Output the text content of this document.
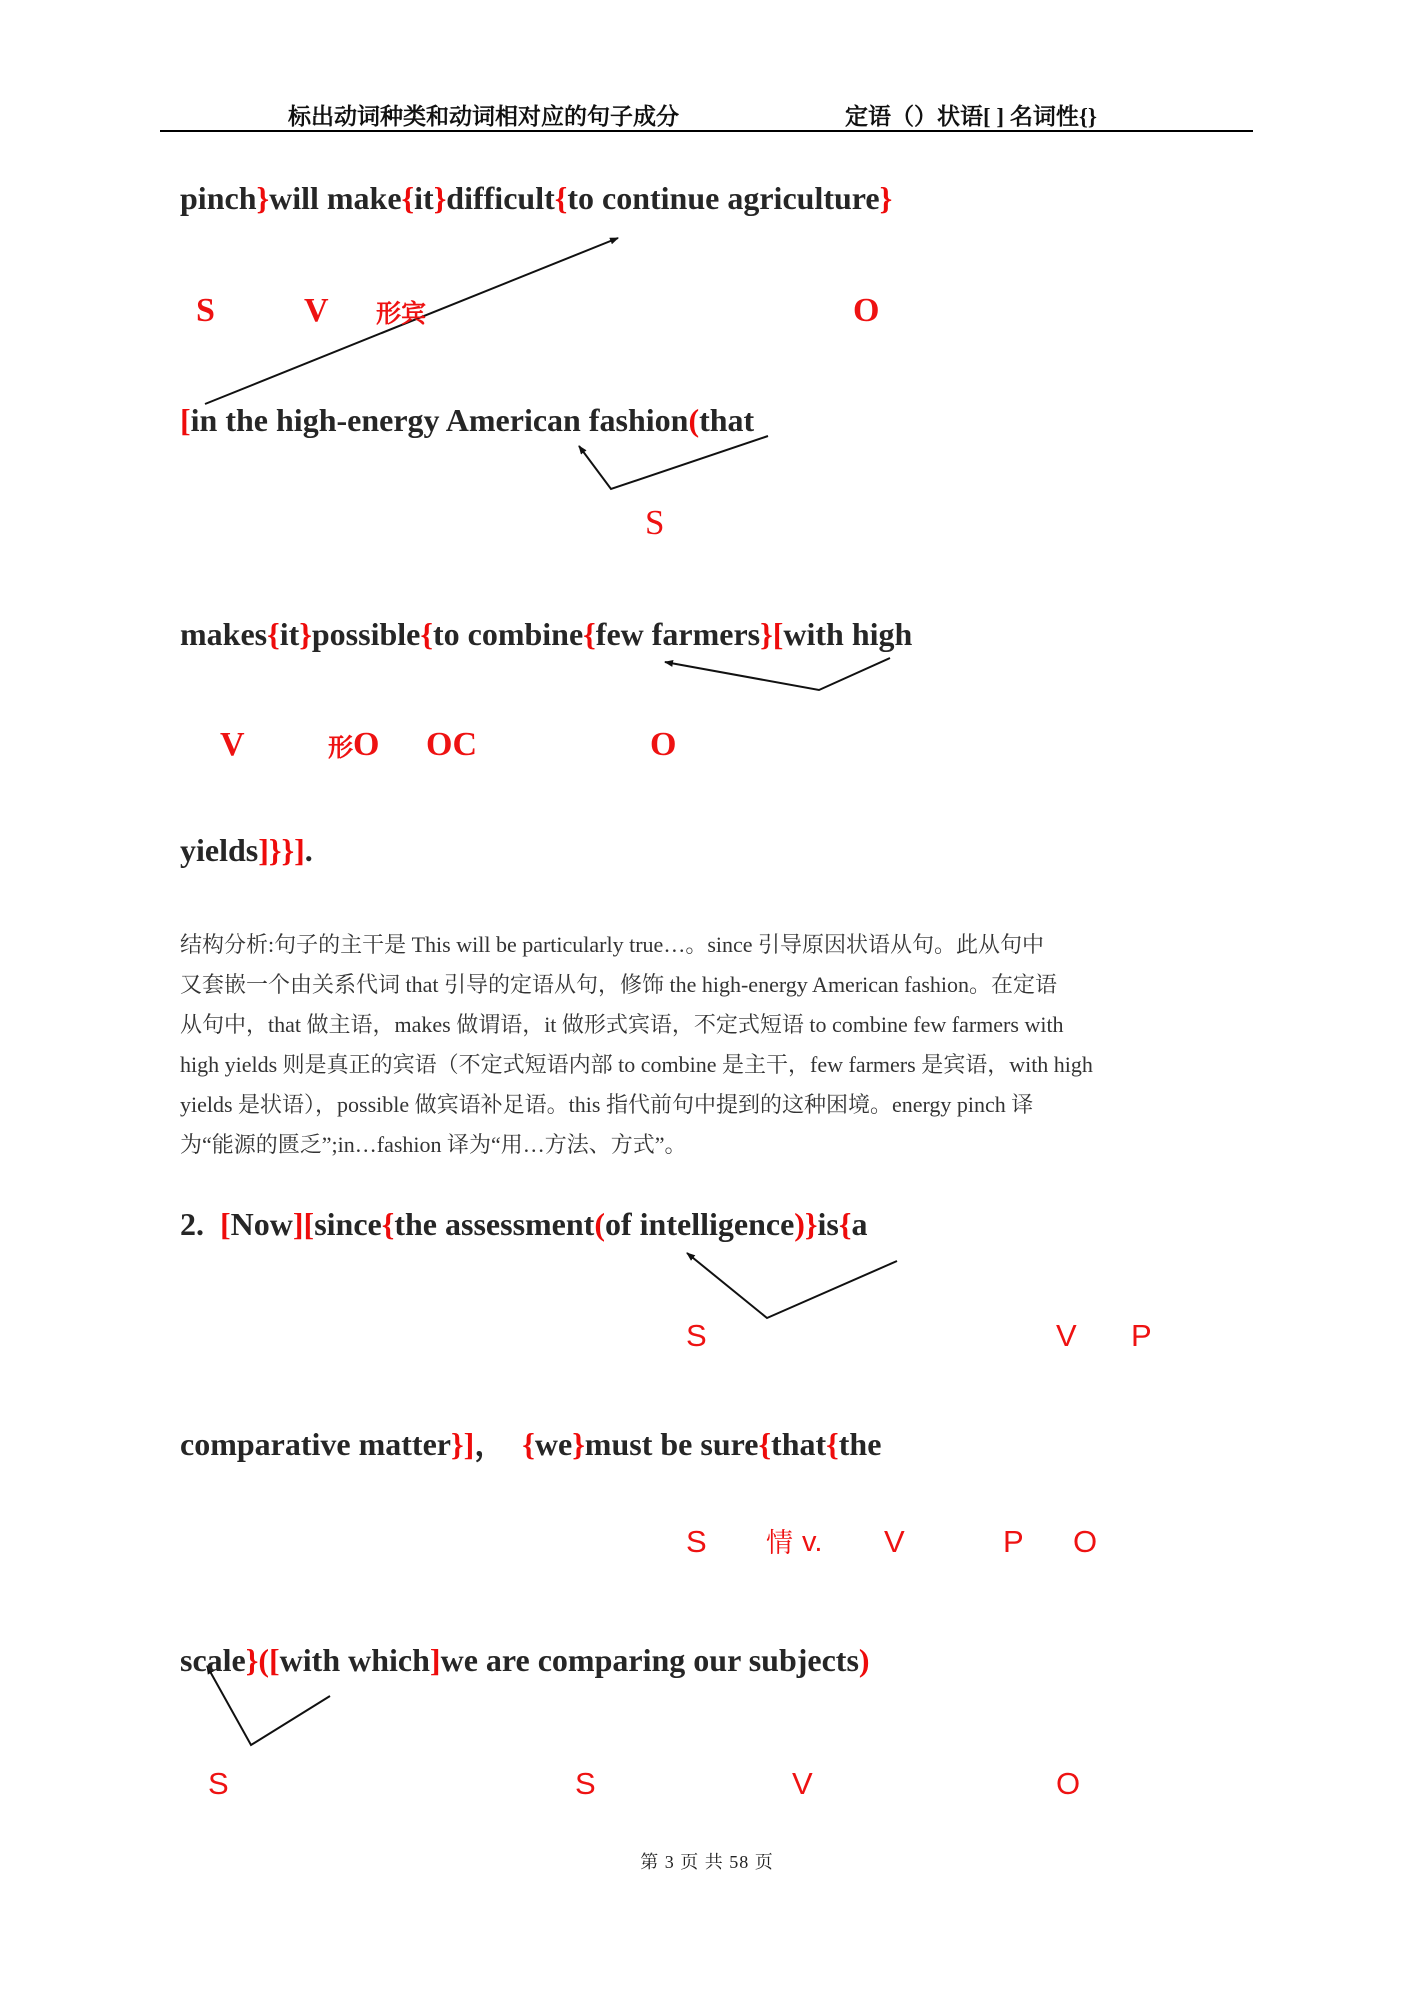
标出动词种类和动词相对应的句子成分	定语（）状语[ ] 名词性{}
pinch}will make{it}difficult{to continue agriculture}
[in the high-energy American fashion(that
makes{it}possible{to combine{few farmers}[with high
yields]}}].
2.  [Now][since{the assessment(of intelligence)}is{a
comparative matter}]，  {we}must be sure{that{the
scale}([with which]we are comparing our subjects)
S	V 形宾	O
S
V	形 O OC	O
S	V P
S 情 v. V	P O
S	S	V	O
结构分析:句子的主干是 This will be particularly true…。since 引导原因状语从句。此从句中
又套嵌一个由关系代词 that 引导的定语从句，修饰 the high-energy American fashion。在定语
从句中，that 做主语，makes 做谓语，it 做形式宾语，不定式短语 to combine few farmers with
high yields 则是真正的宾语（不定式短语内部 to combine 是主干，few farmers 是宾语，with high
yields 是状语），possible 做宾语补足语。this 指代前句中提到的这种困境。energy pinch 译
为“能源的匮乏”;in…fashion 译为“用…方法、方式”。
第 3 页 共 58 页
